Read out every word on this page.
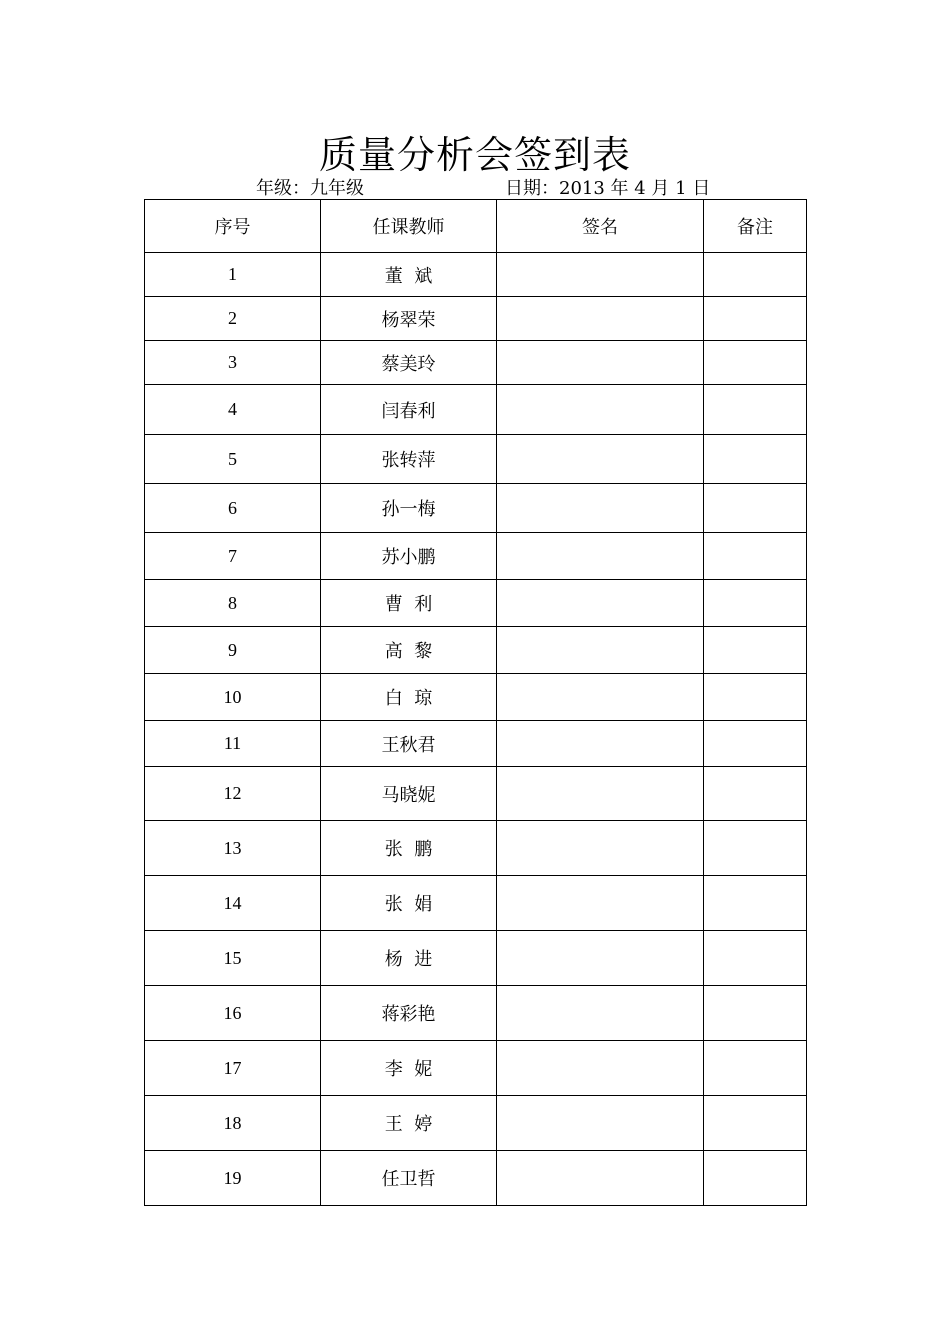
质量分析会签到表
年级：九年级	日期：2013 年 4 月 1 日
序号	任课教师	签名	备注
1	董  斌		
2	杨翠荣		
3	蔡美玲		
4	闫春利		
5	张转萍		
6	孙一梅		
7	苏小鹏		
8	曹  利		
9	高  黎		
10	白  琼		
11	王秋君		
12	马晓妮		
13	张  鹏		
14	张  娟		
15	杨  进		
16	蒋彩艳		
17	李  妮		
18	王  婷		
19	任卫哲		
